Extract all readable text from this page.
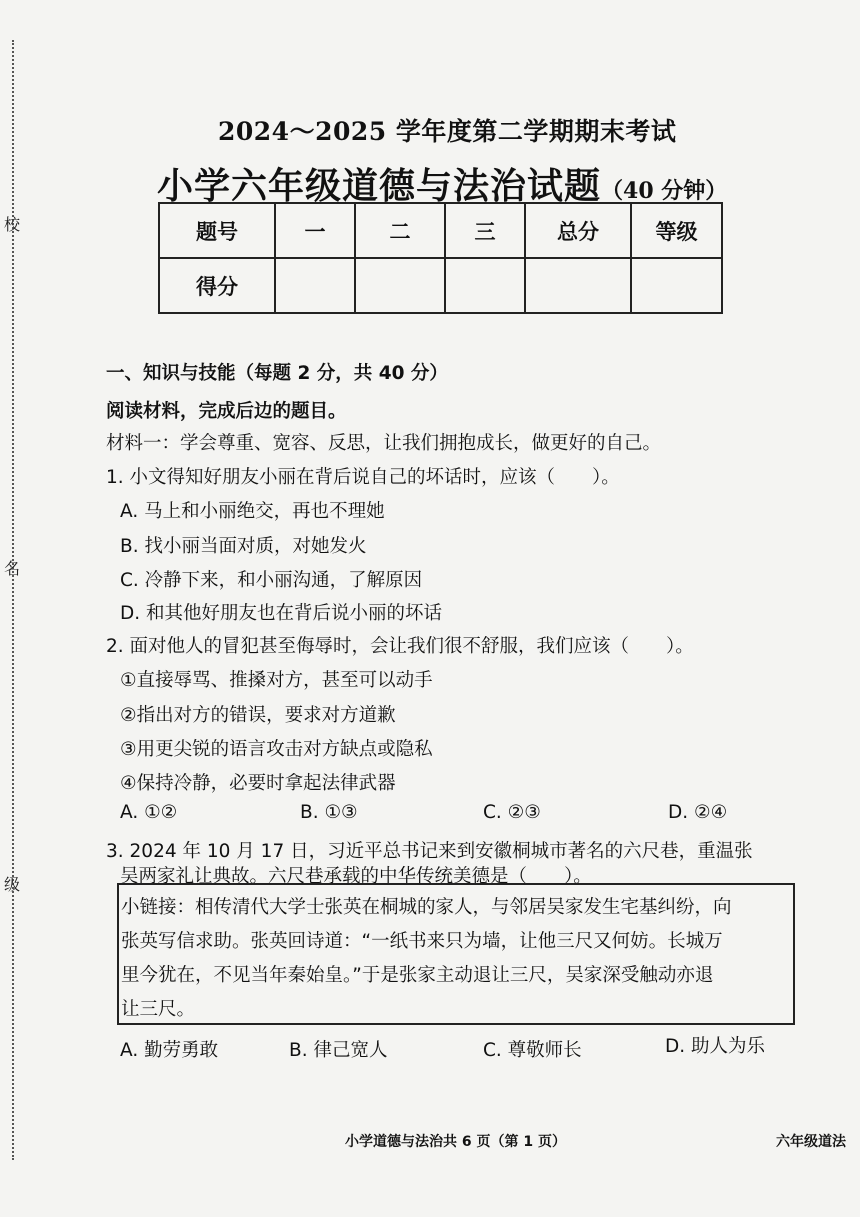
校
名
级
2024～2025 学年度第二学期期末考试
小学六年级道德与法治试题（40 分钟）
题号	一	二	三	总分	等级
得分					
一、知识与技能（每题 2 分，共 40 分）
阅读材料，完成后边的题目。
材料一：学会尊重、宽容、反思，让我们拥抱成长，做更好的自己。
1. 小文得知好朋友小丽在背后说自己的坏话时，应该（　　）。
A. 马上和小丽绝交，再也不理她
B. 找小丽当面对质，对她发火
C. 冷静下来，和小丽沟通，了解原因
D. 和其他好朋友也在背后说小丽的坏话
2. 面对他人的冒犯甚至侮辱时，会让我们很不舒服，我们应该（　　）。
①直接辱骂、推搡对方，甚至可以动手
②指出对方的错误，要求对方道歉
③用更尖锐的语言攻击对方缺点或隐私
④保持冷静，必要时拿起法律武器
A. ①②	B. ①③	C. ②③	D. ②④
3. 2024 年 10 月 17 日，习近平总书记来到安徽桐城市著名的六尺巷，重温张
吴两家礼让典故。六尺巷承载的中华传统美德是（　　）。
小链接：相传清代大学士张英在桐城的家人，与邻居吴家发生宅基纠纷，向
张英写信求助。张英回诗道：“一纸书来只为墙，让他三尺又何妨。长城万
里今犹在，不见当年秦始皇。”于是张家主动退让三尺，吴家深受触动亦退
让三尺。
A. 勤劳勇敢	B. 律己宽人	C. 尊敬师长	D. 助人为乐
小学道德与法治共 6 页（第 1 页）	六年级道法
